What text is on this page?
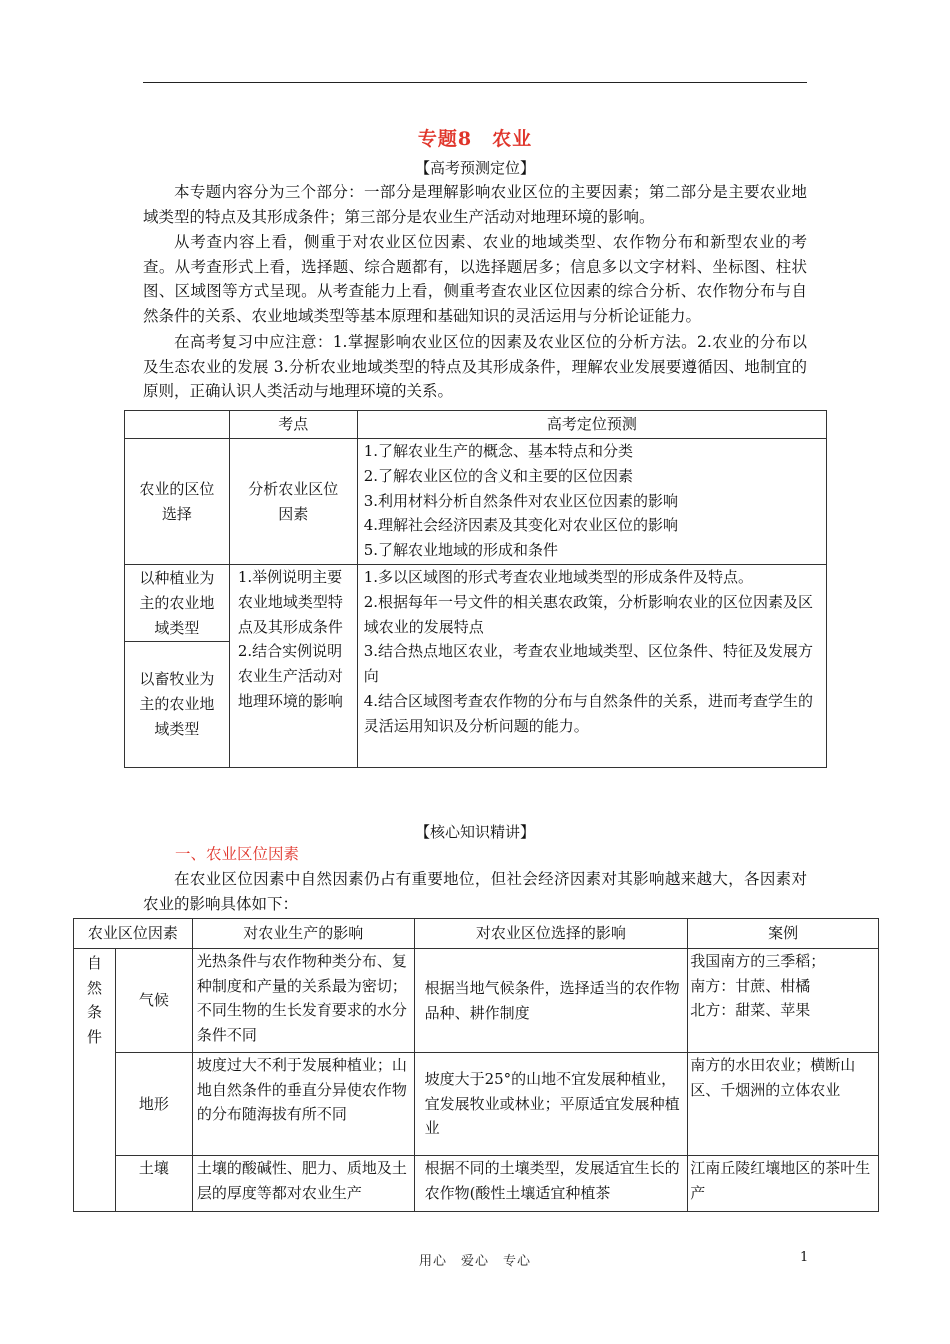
专题8　农业
【高考预测定位】

本专题内容分为三个部分：一部分是理解影响农业区位的主要因素；第二部分是主要农业地域类型的特点及其形成条件；第三部分是农业生产活动对地理环境的影响。

从考查内容上看，侧重于对农业区位因素、农业的地域类型、农作物分布和新型农业的考查。从考查形式上看，选择题、综合题都有，以选择题居多；信息多以文字材料、坐标图、柱状图、区域图等方式呈现。从考查能力上看，侧重考查农业区位因素的综合分析、农作物分布与自然条件的关系、农业地域类型等基本原理和基础知识的灵活运用与分析论证能力。

在高考复习中应注意：1.掌握影响农业区位的因素及农业区位的分析方法。2.农业的分布以及生态农业的发展 3.分析农业地域类型的特点及其形成条件，理解农业发展要遵循因、地制宜的原则，正确认识人类活动与地理环境的关系。

	考点	高考定位预测
农业的区位选择	分析农业区位因素	1.了解农业生产的概念、基本特点和分类
2.了解农业区位的含义和主要的区位因素
3.利用材料分析自然条件对农业区位因素的影响
4.理解社会经济因素及其变化对农业区位的影响
5.了解农业地域的形成和条件

以种植业为主的农业地域类型	1.举例说明主要农业地域类型特点及其形成条件 2.结合实例说明农业生产活动对地理环境的影响	1.多以区域图的形式考查农业地域类型的形成条件及特点。
2.根据每年一号文件的相关惠农政策，分析影响农业的区位因素及区域农业的发展特点
3.结合热点地区农业，考查农业地域类型、区位条件、特征及发展方向
4.结合区域图考查农作物的分布与自然条件的关系，进而考查学生的灵活运用知识及分析问题的能力。

以畜牧业为主的农业地域类型		
【核心知识精讲】
一、农业区位因素

在农业区位因素中自然因素仍占有重要地位，但社会经济因素对其影响越来越大，各因素对农业的影响具体如下：

农业区位因素		对农业生产的影响	对农业区位选择的影响	案例
自然条件	气候	光热条件与农作物种类分布、复种制度和产量的关系最为密切；不同生物的生长发育要求的水分条件不同	根据当地气候条件，选择适当的农作物品种、耕作制度	我国南方的三季稻；
南方：甘蔗、柑橘
北方：甜菜、苹果

	地形	坡度过大不利于发展种植业；山地自然条件的垂直分异使农作物的分布随海拔有所不同	坡度大于25°的山地不宜发展种植业，宜发展牧业或林业；平原适宜发展种植业	南方的水田农业；横断山区、千烟洲的立体农业

	土壤	土壤的酸碱性、肥力、质地及土层的厚度等都对农业生产	根据不同的土壤类型，发展适宜生长的农作物(酸性土壤适宜种植茶	江南丘陵红壤地区的茶叶生产
用心　爱心　专心	1
